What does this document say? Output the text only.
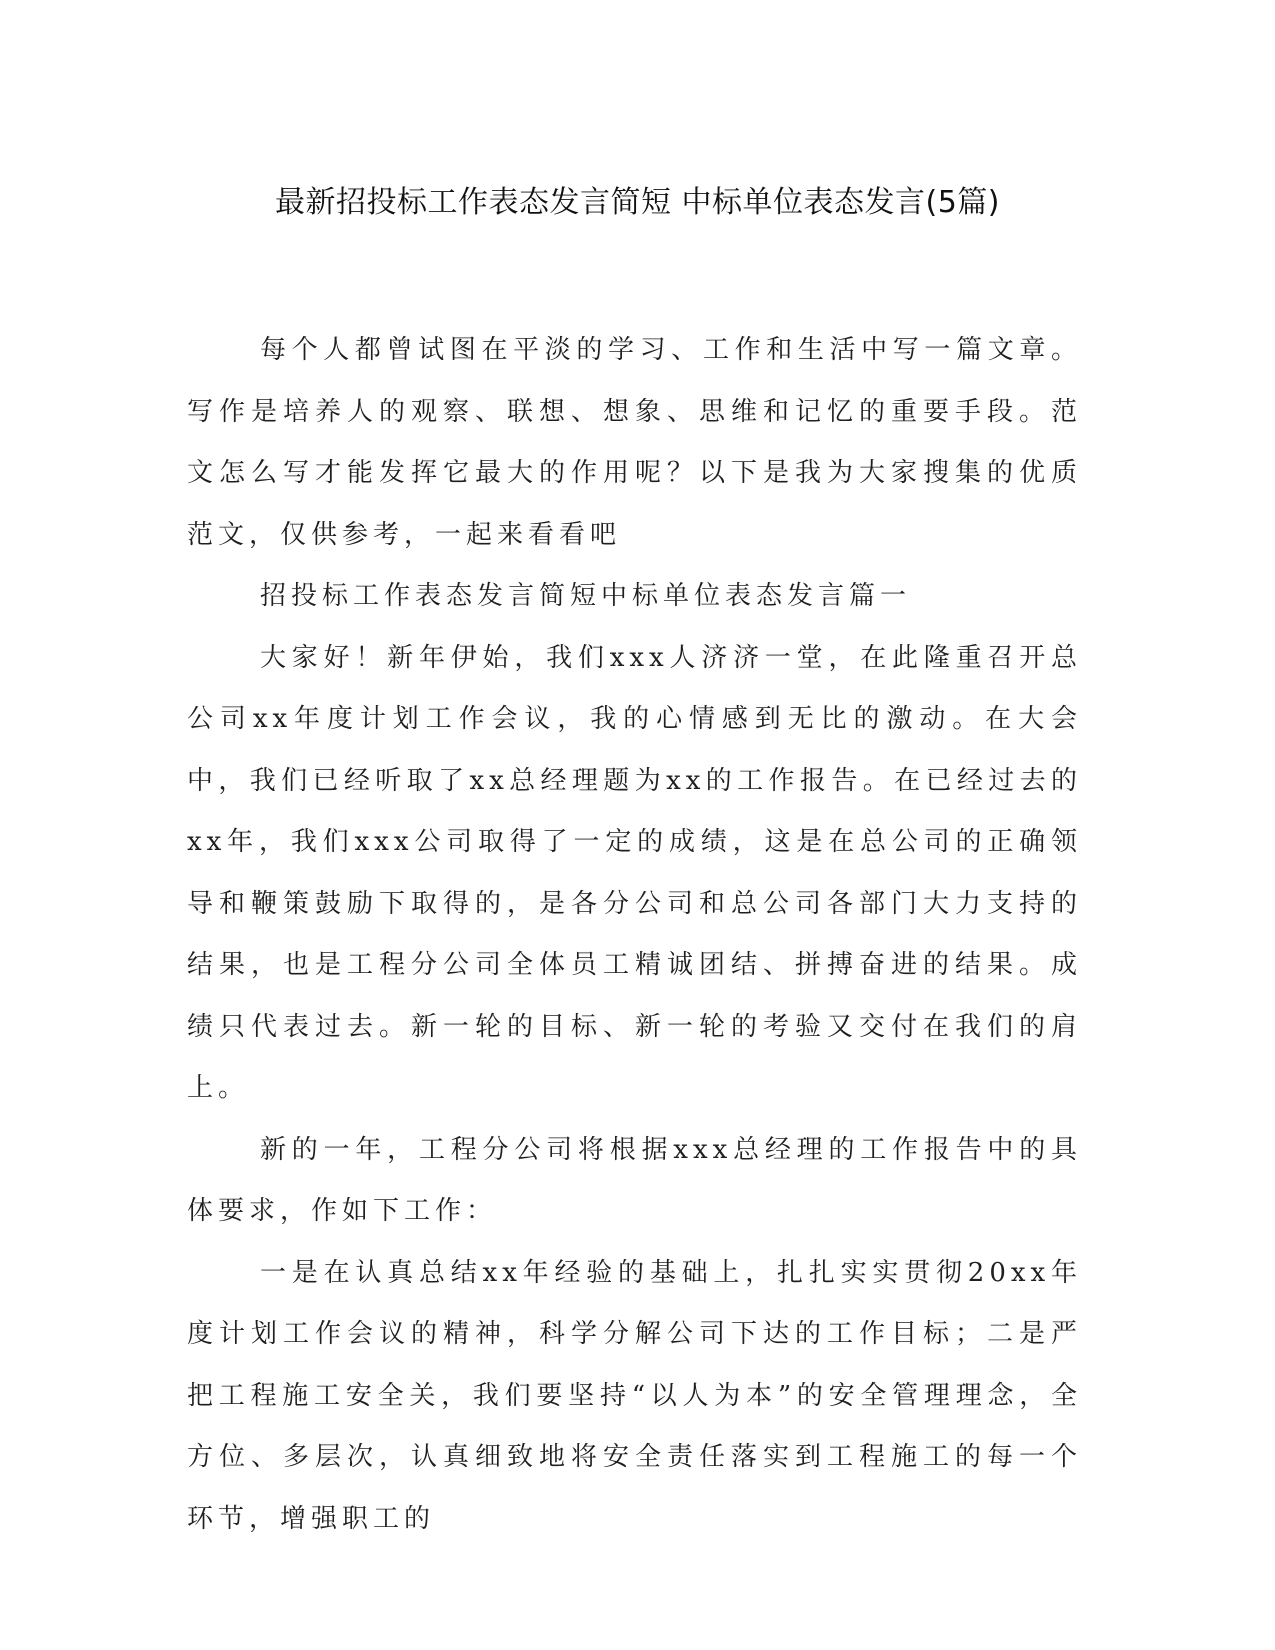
最新招投标工作表态发言简短 中标单位表态发言(5篇)

每个人都曾试图在平淡的学习、工作和生活中写一篇文章。写作是培养人的观察、联想、想象、思维和记忆的重要手段。范文怎么写才能发挥它最大的作用呢？以下是我为大家搜集的优质范文，仅供参考，一起来看看吧

招投标工作表态发言简短中标单位表态发言篇一

大家好！新年伊始，我们xxx人济济一堂，在此隆重召开总公司xx年度计划工作会议，我的心情感到无比的激动。在大会中，我们已经听取了xx总经理题为xx的工作报告。在已经过去的xx年，我们xxx公司取得了一定的成绩，这是在总公司的正确领导和鞭策鼓励下取得的，是各分公司和总公司各部门大力支持的结果，也是工程分公司全体员工精诚团结、拼搏奋进的结果。成绩只代表过去。新一轮的目标、新一轮的考验又交付在我们的肩上。

新的一年，工程分公司将根据xxx总经理的工作报告中的具体要求，作如下工作：

一是在认真总结xx年经验的基础上，扎扎实实贯彻20xx年度计划工作会议的精神，科学分解公司下达的工作目标；二是严把工程施工安全关，我们要坚持“以人为本”的安全管理理念，全方位、多层次，认真细致地将安全责任落实到工程施工的每一个环节，增强职工的
